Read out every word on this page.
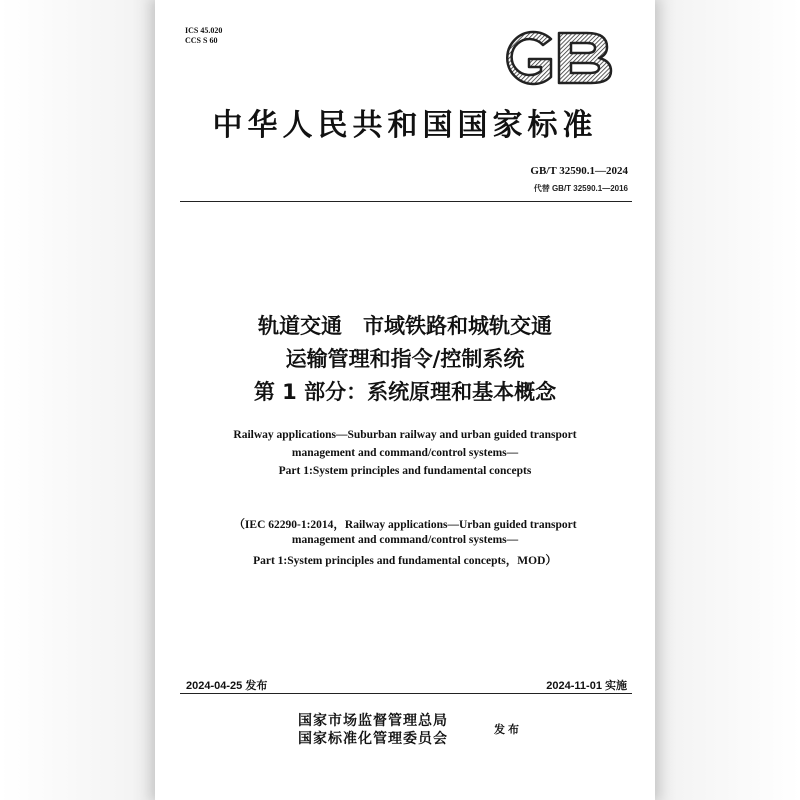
ICS 45.020
CCS S 60
中华人民共和国国家标准
GB/T 32590.1—2024
代替 GB/T 32590.1—2016
轨道交通　市域铁路和城轨交通
运输管理和指令/控制系统
第 1 部分：系统原理和基本概念
Railway applications—Suburban railway and urban guided transport
management and command/control systems—
Part 1:System principles and fundamental concepts
（IEC 62290-1:2014，Railway applications—Urban guided transport
management and command/control systems—
Part 1:System principles and fundamental concepts，MOD）
2024-04-25 发布	2024-11-01 实施
国家市场监督管理总局
国家标准化管理委员会
发布
